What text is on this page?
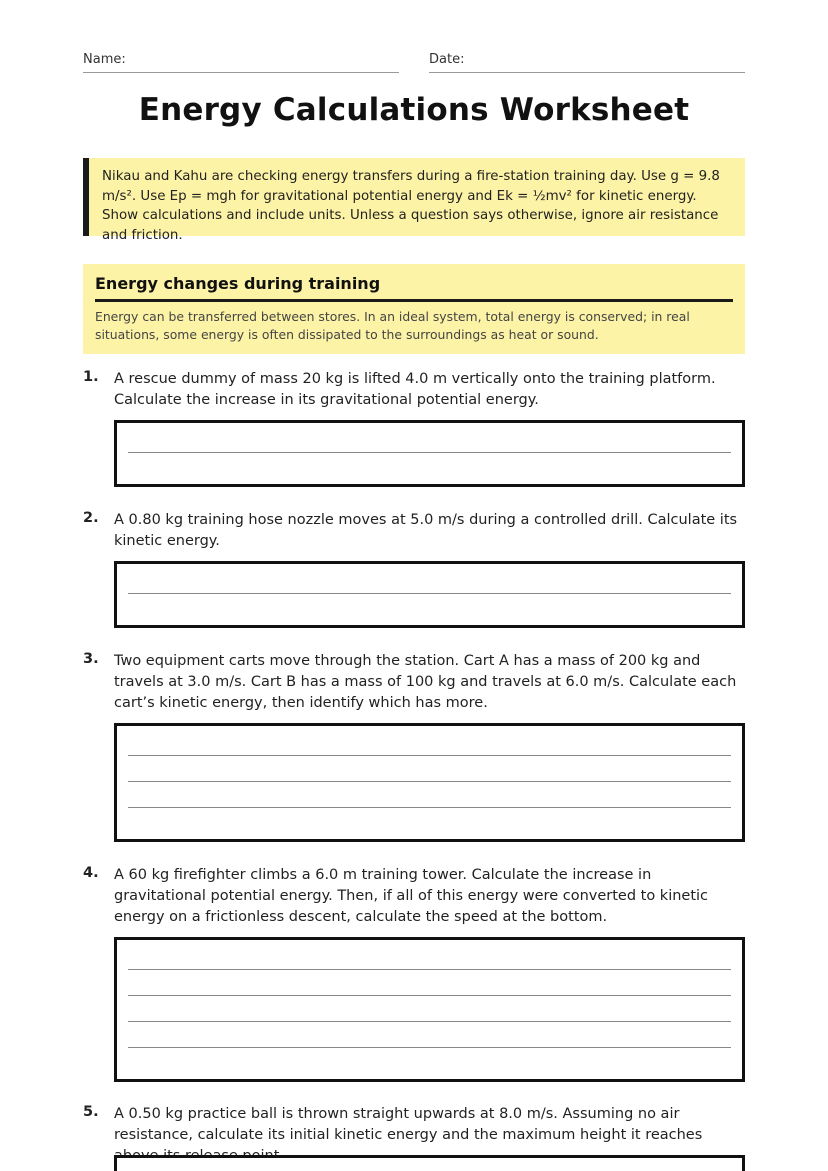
Name:	Date:
Energy Calculations Worksheet
Nikau and Kahu are checking energy transfers during a fire-station training day. Use g = 9.8 m/s². Use Ep = mgh for gravitational potential energy and Ek = ½mv² for kinetic energy. Show calculations and include units. Unless a question says otherwise, ignore air resistance and friction.
Energy changes during training

Energy can be transferred between stores. In an ideal system, total energy is conserved; in real situations, some energy is often dissipated to the surroundings as heat or sound.

1. A rescue dummy of mass 20 kg is lifted 4.0 m vertically onto the training platform. Calculate the increase in its gravitational potential energy.
2. A 0.80 kg training hose nozzle moves at 5.0 m/s during a controlled drill. Calculate its kinetic energy.
3. Two equipment carts move through the station. Cart A has a mass of 200 kg and travels at 3.0 m/s. Cart B has a mass of 100 kg and travels at 6.0 m/s. Calculate each cart’s kinetic energy, then identify which has more.
4. A 60 kg firefighter climbs a 6.0 m training tower. Calculate the increase in gravitational potential energy. Then, if all of this energy were converted to kinetic energy on a frictionless descent, calculate the speed at the bottom.
5. A 0.50 kg practice ball is thrown straight upwards at 8.0 m/s. Assuming no air resistance, calculate its initial kinetic energy and the maximum height it reaches
